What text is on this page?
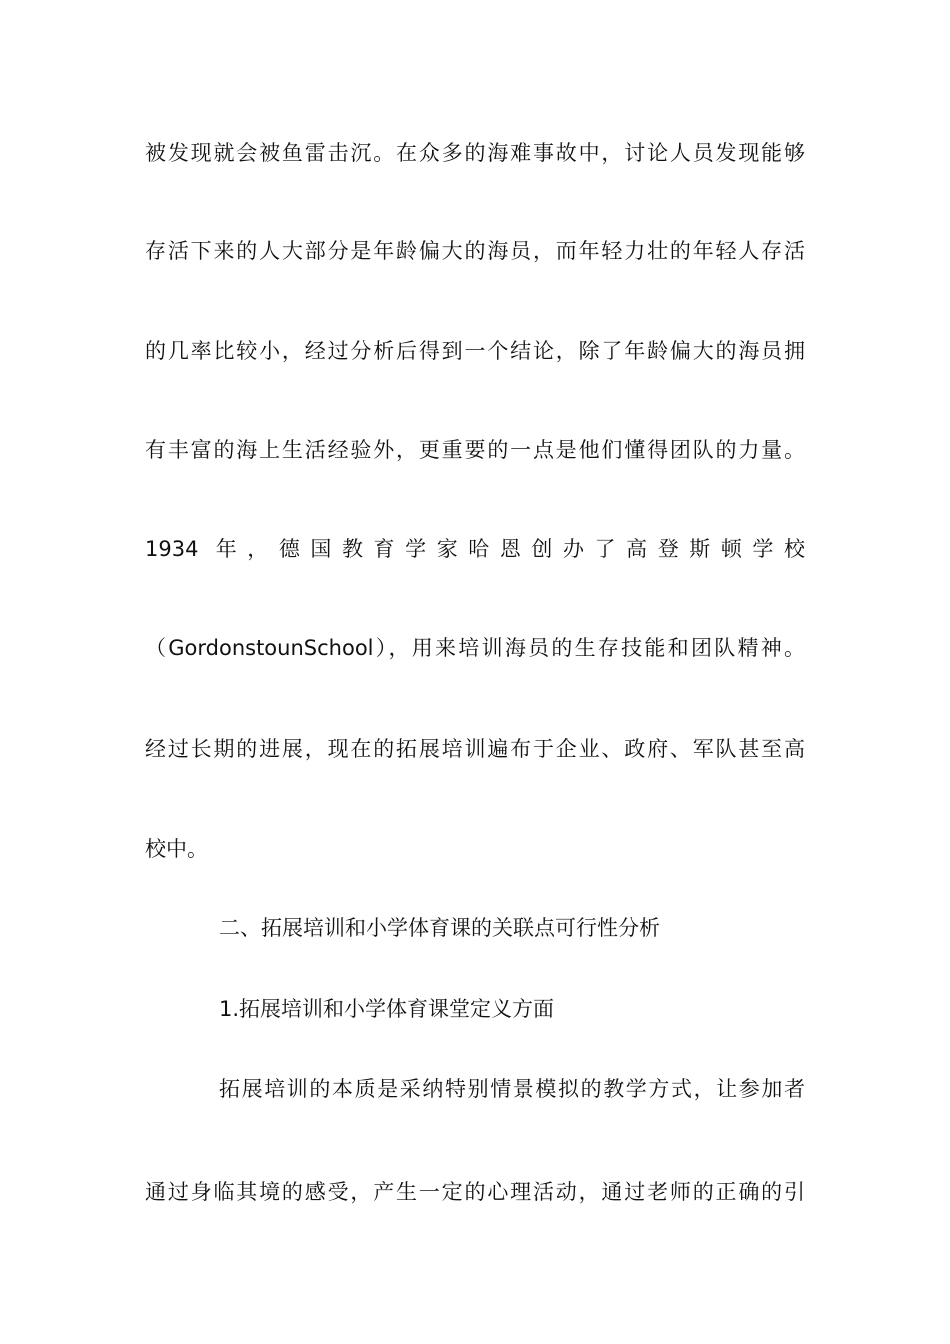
被发现就会被鱼雷击沉。在众多的海难事故中，讨论人员发现能够
存活下来的人大部分是年龄偏大的海员，而年轻力壮的年轻人存活
的几率比较小，经过分析后得到一个结论，除了年龄偏大的海员拥
有丰富的海上生活经验外，更重要的一点是他们懂得团队的力量。
1934 年，德国教育学家哈恩创办了高登斯顿学校
（GordonstounSchool），用来培训海员的生存技能和团队精神。
经过长期的进展，现在的拓展培训遍布于企业、政府、军队甚至高
校中。
二、拓展培训和小学体育课的关联点可行性分析
1.拓展培训和小学体育课堂定义方面
拓展培训的本质是采纳特别情景模拟的教学方式，让参加者
通过身临其境的感受，产生一定的心理活动，通过老师的正确的引
